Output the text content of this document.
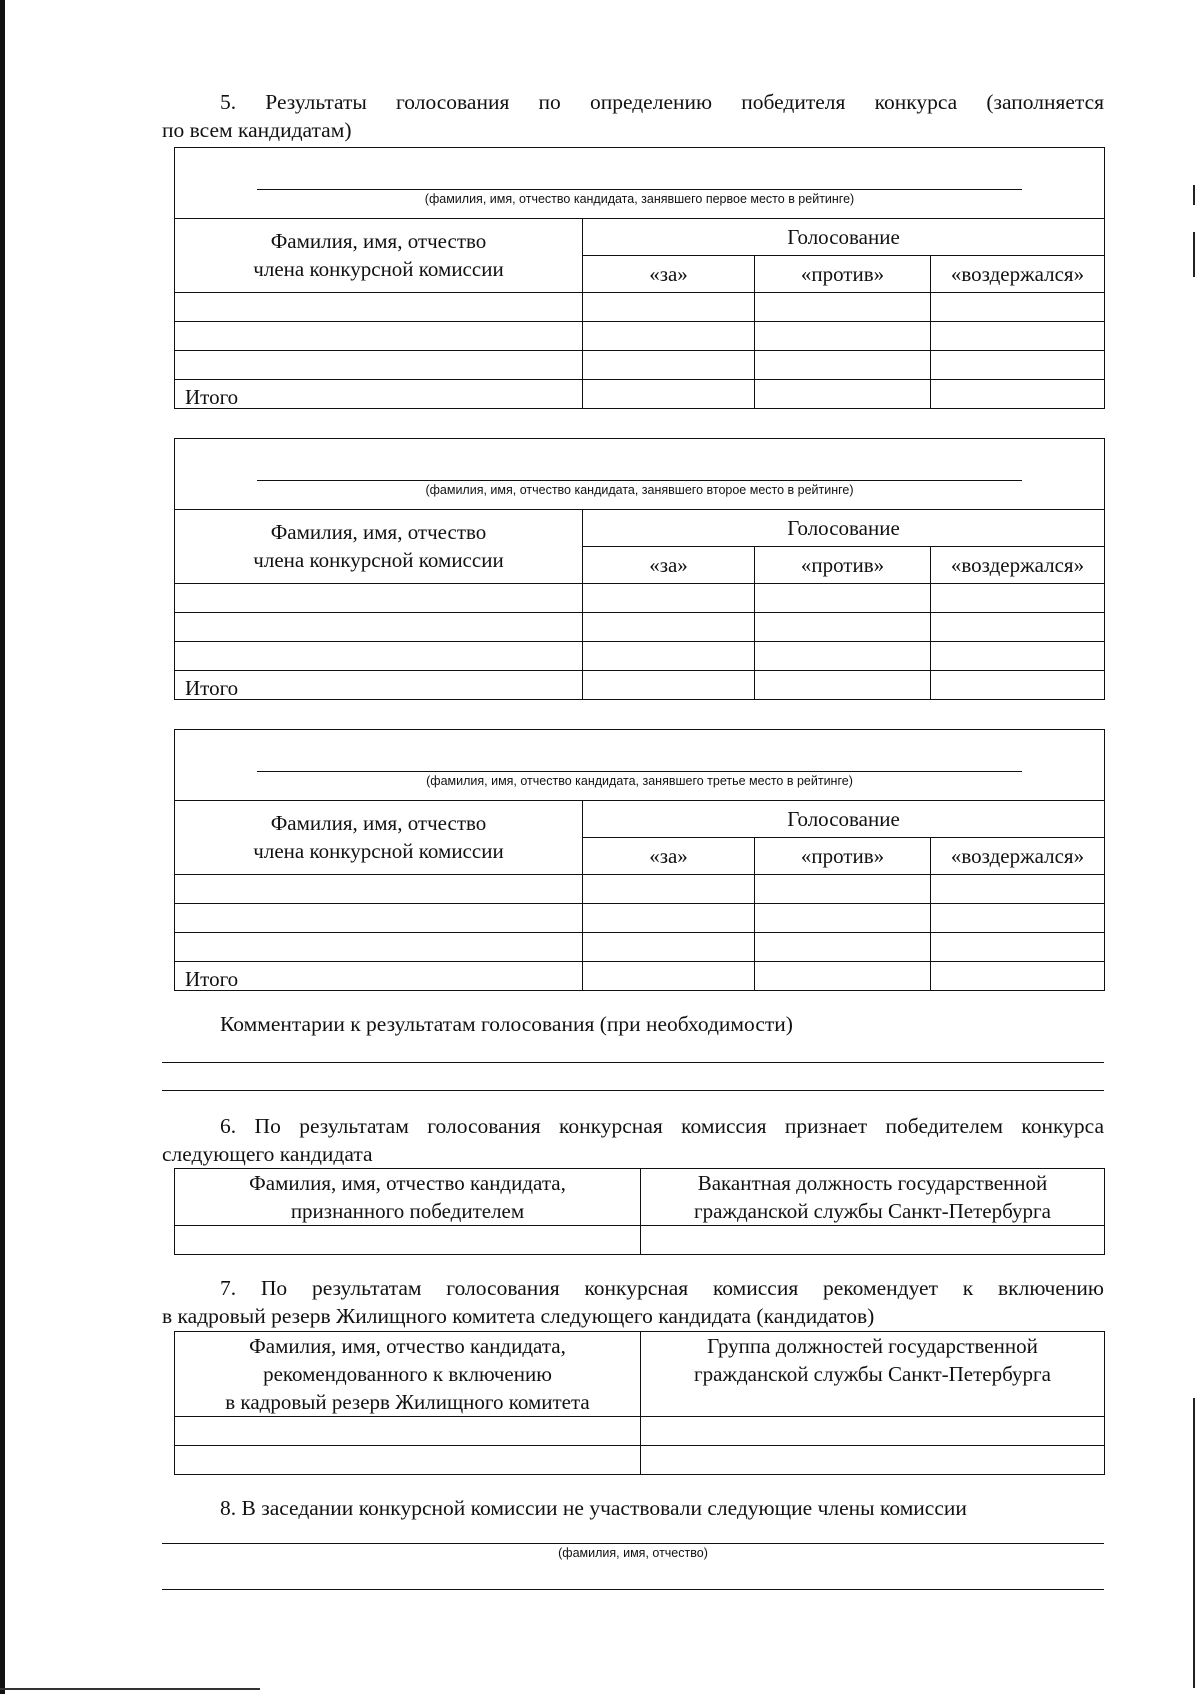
5. Результаты голосования по определению победителя конкурса (заполняется
по всем кандидатам)
(фамилия, имя, отчество кандидата, занявшего первое место в рейтинге)			

Фамилия, имя, отчество
члена конкурсной комиссии	Голосование		
	«за»	«против»	«воздержался»

Итого			
(фамилия, имя, отчество кандидата, занявшего второе место в рейтинге)			

Фамилия, имя, отчество
члена конкурсной комиссии	Голосование		
	«за»	«против»	«воздержался»

Итого			
(фамилия, имя, отчество кандидата, занявшего третье место в рейтинге)			

Фамилия, имя, отчество
члена конкурсной комиссии	Голосование		
	«за»	«против»	«воздержался»

Итого			
Комментарии к результатам голосования (при необходимости)
6. По результатам голосования конкурсная комиссия признает победителем конкурса
следующего кандидата
Фамилия, имя, отчество кандидата,
признанного победителем	Вакантная должность государственной
гражданской службы Санкт-Петербурга

7. По результатам голосования конкурсная комиссия рекомендует к включению
в кадровый резерв Жилищного комитета следующего кандидата (кандидатов)
Фамилия, имя, отчество кандидата,
рекомендованного к включению
в кадровый резерв Жилищного комитета	Группа должностей государственной
гражданской службы Санкт-Петербурга

8. В заседании конкурсной комиссии не участвовали следующие члены комиссии
(фамилия, имя, отчество)
